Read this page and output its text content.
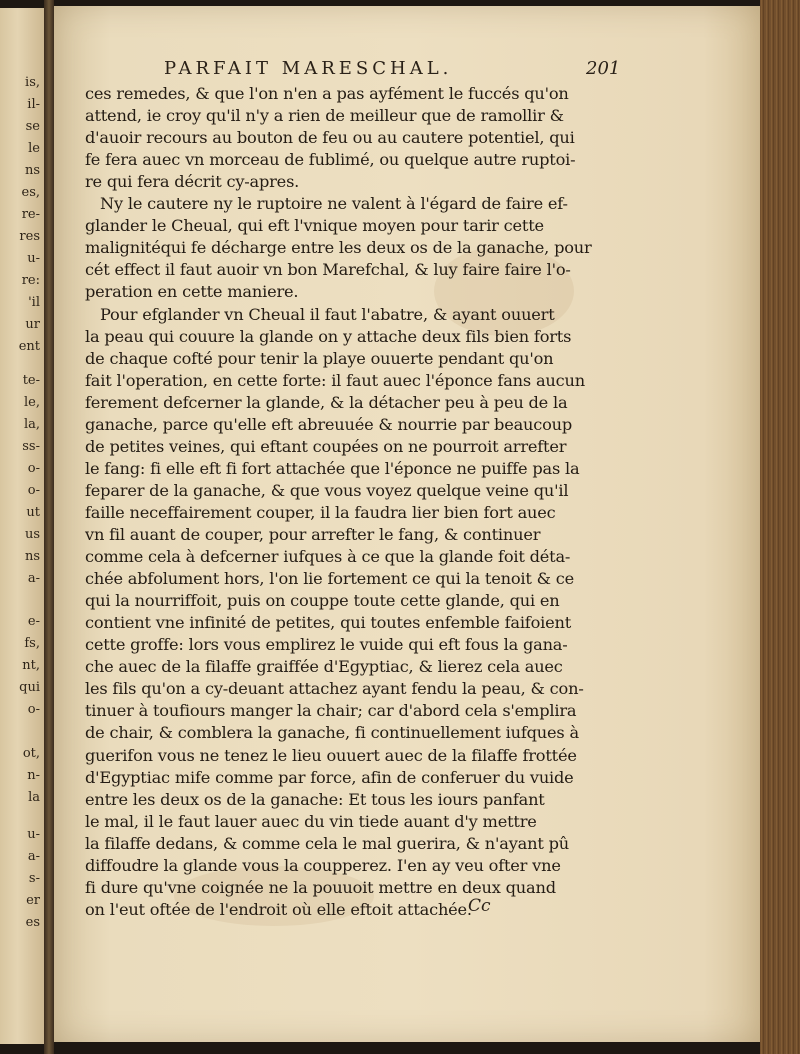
is,
il-
se
le
ns
es,
re-
res
u-
re:
'il
ur
ent
te-
le,
la,
ss-
o-
o-
ut
us
ns
a-
e-
fs,
nt,
qui
o-
ot,
n-
la
u-
a-
s-
er
es
PARFAIT MARESCHAL.	201
ces remedes, & que l'on n'en a pas ayfément le fuccés qu'on
attend, ie croy qu'il n'y a rien de meilleur que de ramollir &
d'auoir recours au bouton de feu ou au cautere potentiel, qui
fe fera auec vn morceau de fublimé, ou quelque autre ruptoi-
re qui fera décrit cy-apres.
Ny le cautere ny le ruptoire ne valent à l'égard de faire ef-
glander le Cheual, qui eft l'vnique moyen pour tarir cette
malignitéqui fe décharge entre les deux os de la ganache, pour
cét effect il faut auoir vn bon Marefchal, & luy faire faire l'o-
peration en cette maniere.
Pour efglander vn Cheual il faut l'abatre, & ayant ouuert
la peau qui couure la glande on y attache deux fils bien forts
de chaque cofté pour tenir la playe ouuerte pendant qu'on
fait l'operation, en cette forte: il faut auec l'éponce fans aucun
ferement defcerner la glande, & la détacher peu à peu de la
ganache, parce qu'elle eft abreuuée & nourrie par beaucoup
de petites veines, qui eftant coupées on ne pourroit arrefter
le fang: fi elle eft fi fort attachée que l'éponce ne puiffe pas la
feparer de la ganache, & que vous voyez quelque veine qu'il
faille neceffairement couper, il la faudra lier bien fort auec
vn fil auant de couper, pour arrefter le fang, & continuer
comme cela à defcerner iufques à ce que la glande foit déta-
chée abfolument hors, l'on lie fortement ce qui la tenoit & ce
qui la nourriffoit, puis on couppe toute cette glande, qui en
contient vne infinité de petites, qui toutes enfemble faifoient
cette groffe: lors vous emplirez le vuide qui eft fous la gana-
che auec de la filaffe graiffée d'Egyptiac, & lierez cela auec
les fils qu'on a cy-deuant attachez ayant fendu la peau, & con-
tinuer à toufiours manger la chair; car d'abord cela s'emplira
de chair, & comblera la ganache, fi continuellement iufques à
guerifon vous ne tenez le lieu ouuert auec de la filaffe frottée
d'Egyptiac mife comme par force, afin de conferuer du vuide
entre les deux os de la ganache: Et tous les iours panfant
le mal, il le faut lauer auec du vin tiede auant d'y mettre
la filaffe dedans, & comme cela le mal guerira, & n'ayant pû
diffoudre la glande vous la coupperez. I'en ay veu ofter vne
fi dure qu'vne coignée ne la pouuoit mettre en deux quand
on l'eut oftée de l'endroit où elle eftoit attachée.
Cc
